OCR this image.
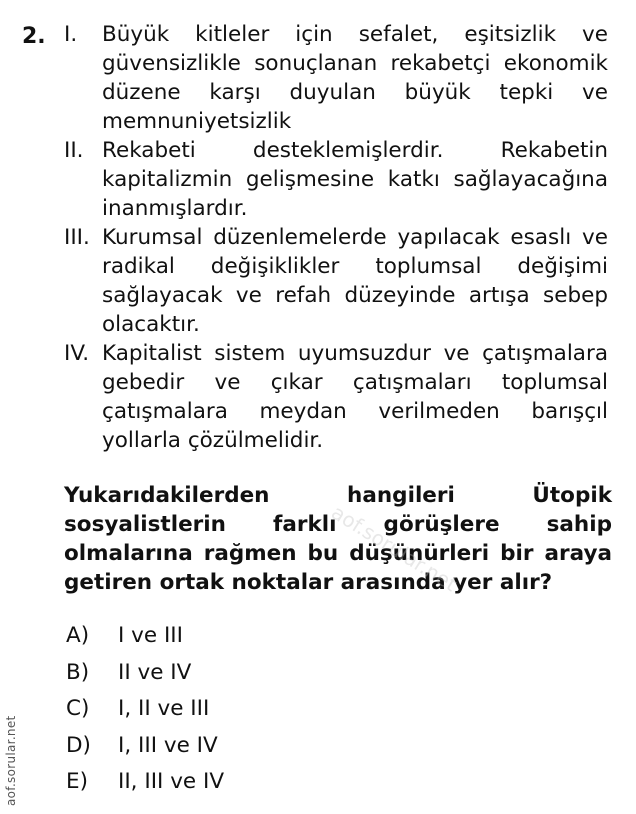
2. I. Büyük kitleler için sefalet, eşitsizlik ve güvensizlikle sonuçlanan rekabetçi ekonomik düzene karşı duyulan büyük tepki ve memnuniyetsizlik
II. Rekabeti desteklemişlerdir. Rekabetin kapitalizmin gelişmesine katkı sağlayacağına inanmışlardır.
III. Kurumsal düzenlemelerde yapılacak esaslı ve radikal değişiklikler toplumsal değişimi sağlayacak ve refah düzeyinde artışa sebep olacaktır.
IV. Kapitalist sistem uyumsuzdur ve çatışmalara gebedir ve çıkar çatışmaları toplumsal çatışmalara meydan verilmeden barışçıl yollarla çözülmelidir.
Yukarıdakilerden hangileri Ütopik sosyalistlerin farklı görüşlere sahip olmalarına rağmen bu düşünürleri bir araya getiren ortak noktalar arasında yer alır?
A) I ve III
B) II ve IV
C) I, II ve III
D) I, III ve IV
E) II, III ve IV
aof.sorular.net
aof.sorular.net
